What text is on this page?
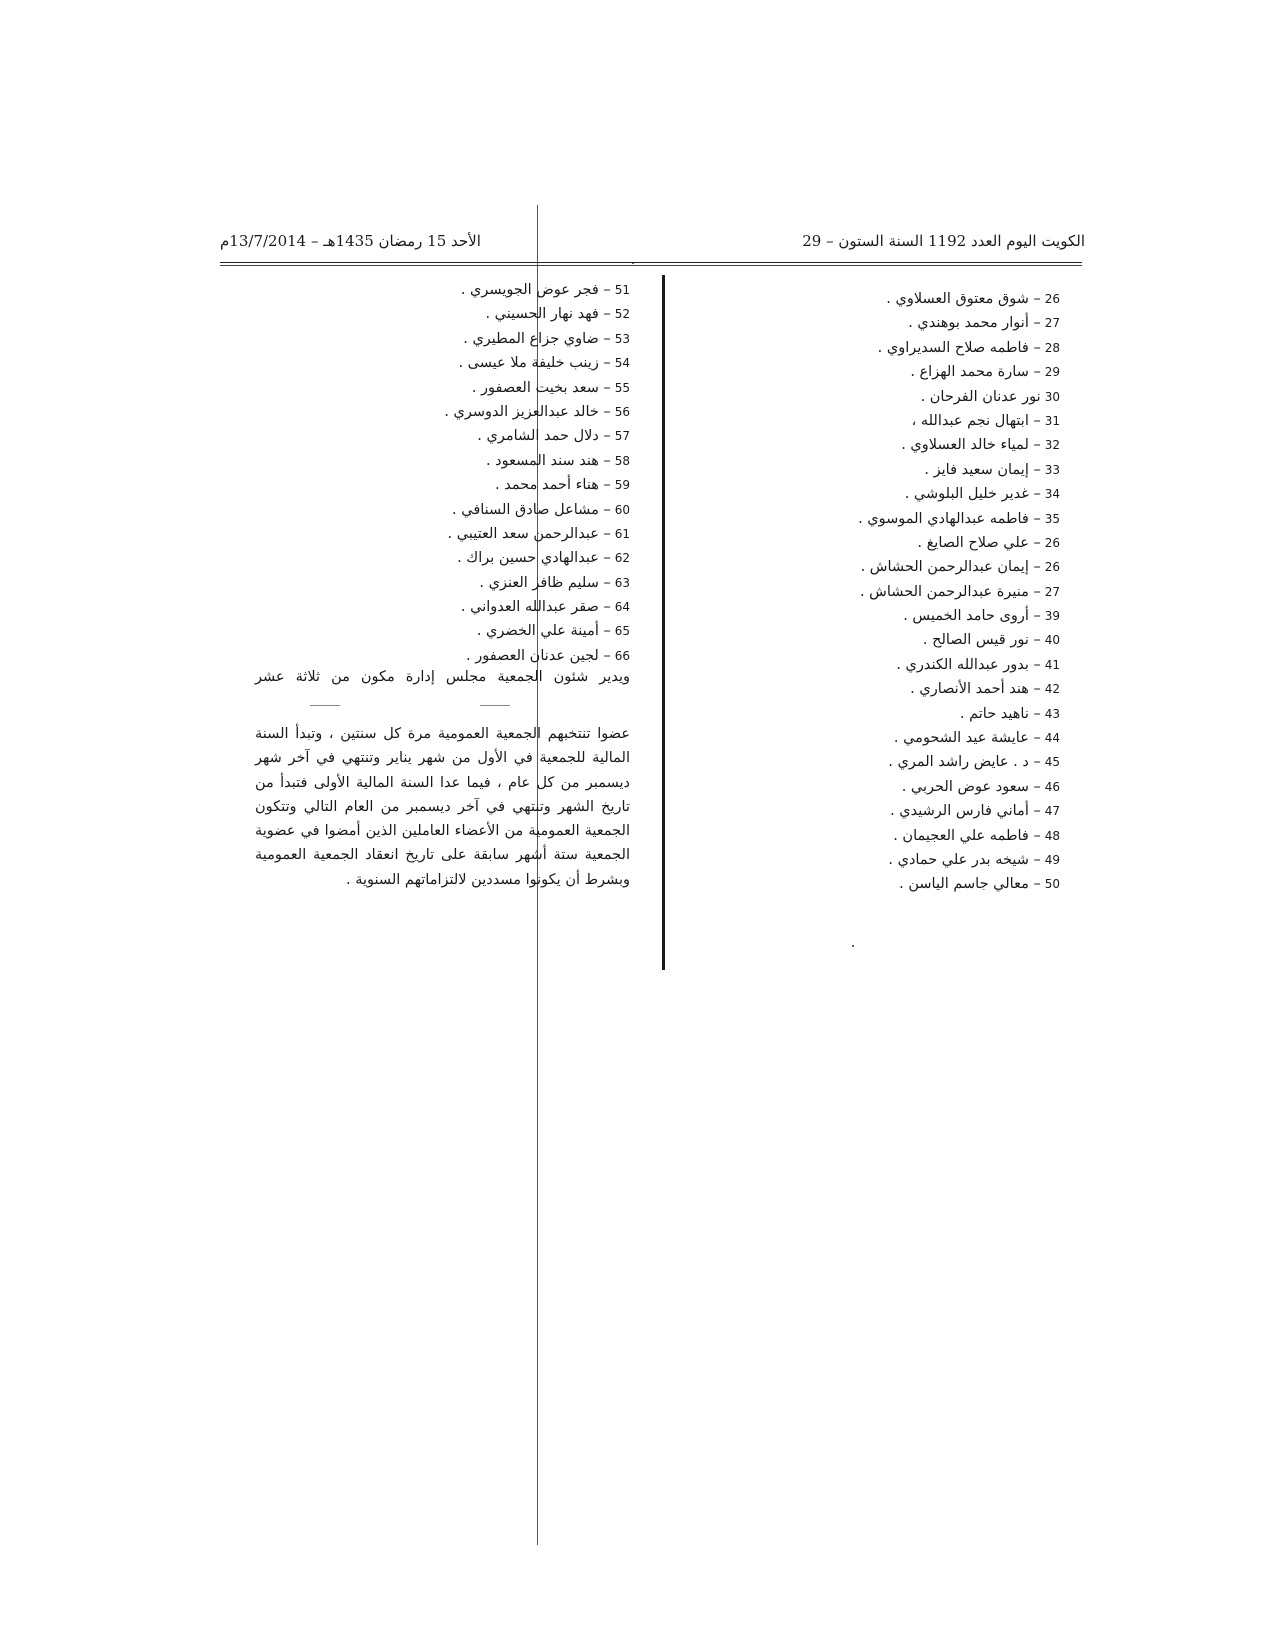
الكويت اليوم العدد 1192 السنة الستون – 29
الأحد 15 رمضان 1435هـ – 13/7/2014م
26– شوق معتوق العسلاوي .
27– أنوار محمد بوهندي .
28– فاطمه صلاح السديراوي .
29– سارة محمد الهزاع .
30نور عدنان الفرحان .
31– ابتهال نجم عبدالله ،
32– لمياء خالد العسلاوي .
33– إيمان سعيد فايز .
34– غدير خليل البلوشي .
35– فاطمه عبدالهادي الموسوي .
26– علي صلاح الصايغ .
26– إيمان عبدالرحمن الحشاش .
27– منيرة عبدالرحمن الحشاش .
39– أروى حامد الخميس .
40– نور قيس الصالح .
41– بدور عبدالله الكندري .
42– هند أحمد الأنصاري .
43– ناهيد حاتم .
44– عايشة عيد الشحومي .
45– د . عايض راشد المري .
46– سعود عوض الحربي .
47– أماني فارس الرشيدي .
48– فاطمه علي العجيمان .
49– شيخه بدر علي حمادي .
50– معالي جاسم الياسن .
51– فجر عوض الجويسري .
52– فهد نهار الحسيني .
53– ضاوي جزاع المطيري .
54– زينب خليفة ملا عيسى .
55– سعد بخيت العصفور .
56– خالد عبدالعزيز الدوسري .
57– دلال حمد الشامري .
58– هند سند المسعود .
59– هناء أحمد محمد .
60– مشاعل صادق السنافي .
61– عبدالرحمن سعد العتيبي .
62– عبدالهادي حسين براك .
63– سليم ظافر العنزي .
64– صقر عبدالله العدواني .
65– أمينة علي الخضري .
66– لجين عدنان العصفور .
ويدير شئون الجمعية مجلس إدارة مكون من ثلاثة عشر
عضوا تنتخبهم الجمعية العمومية مرة كل سنتين ، وتبدأ السنة
المالية للجمعية في الأول من شهر يناير وتنتهي في آخر شهر
ديسمبر من كل عام ، فيما عدا السنة المالية الأولى فتبدأ من
تاريخ الشهر وتنتهي في آخر ديسمبر من العام التالي وتتكون
الجمعية العمومية من الأعضاء العاملين الذين أمضوا في عضوية
الجمعية ستة أشهر سابقة على تاريخ انعقاد الجمعية العمومية
وبشرط أن يكونوا مسددين لالتزاماتهم السنوية .
